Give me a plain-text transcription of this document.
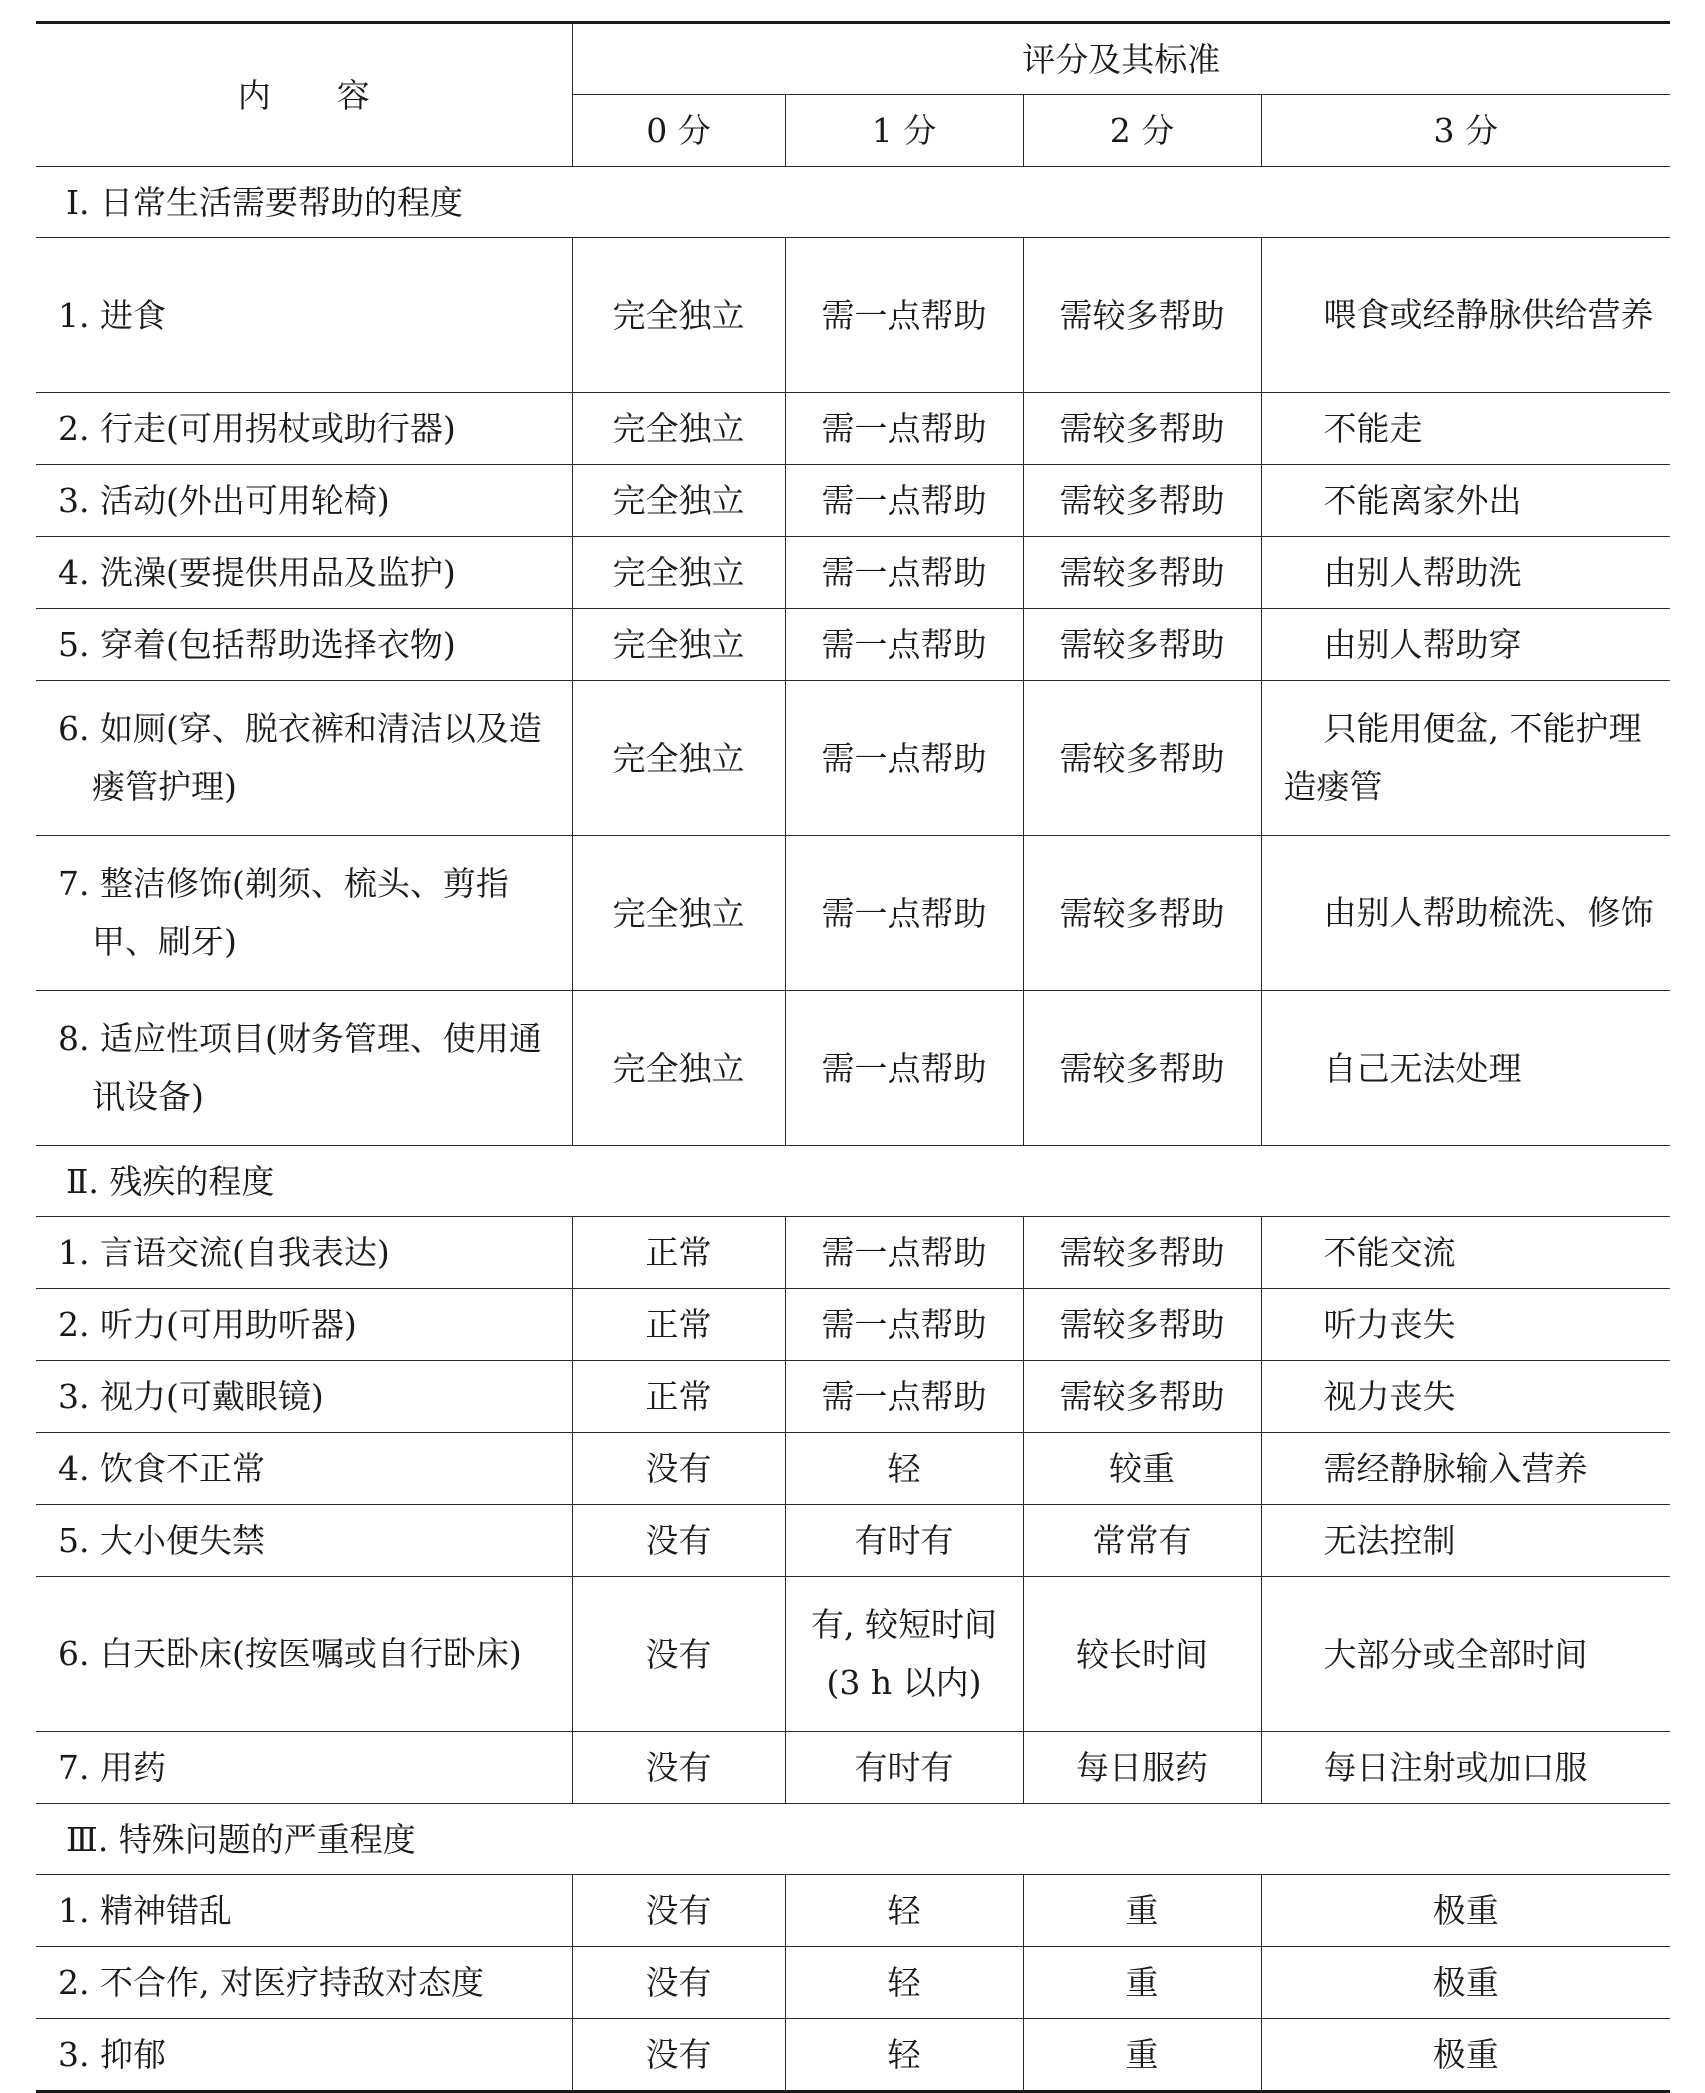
内　　容	评分及其标准			
	0 分	1 分	2 分	3 分
Ⅰ. 日常生活需要帮助的程度				
1. 进食	完全独立	需一点帮助	需较多帮助	喂食或经静脉供给营养

2. 行走(可用拐杖或助行器)	完全独立	需一点帮助	需较多帮助	不能走
3. 活动(外出可用轮椅)	完全独立	需一点帮助	需较多帮助	不能离家外出
4. 洗澡(要提供用品及监护)	完全独立	需一点帮助	需较多帮助	由别人帮助洗
5. 穿着(包括帮助选择衣物)	完全独立	需一点帮助	需较多帮助	由别人帮助穿

6. 如厕(穿、脱衣裤和清洁以及造瘘管护理)	完全独立	需一点帮助	需较多帮助	只能用便盆, 不能护理造瘘管

7. 整洁修饰(剃须、梳头、剪指甲、刷牙)	完全独立	需一点帮助	需较多帮助	由别人帮助梳洗、修饰

8. 适应性项目(财务管理、使用通讯设备)	完全独立	需一点帮助	需较多帮助	自己无法处理
Ⅱ. 残疾的程度				
1. 言语交流(自我表达)	正常	需一点帮助	需较多帮助	不能交流
2. 听力(可用助听器)	正常	需一点帮助	需较多帮助	听力丧失
3. 视力(可戴眼镜)	正常	需一点帮助	需较多帮助	视力丧失
4. 饮食不正常	没有	轻	较重	需经静脉输入营养
5. 大小便失禁	没有	有时有	常常有	无法控制

6. 白天卧床(按医嘱或自行卧床)	没有	有, 较短时间(3 h 以内)	较长时间	大部分或全部时间
7. 用药	没有	有时有	每日服药	每日注射或加口服
Ⅲ. 特殊问题的严重程度				
1. 精神错乱	没有	轻	重	极重
2. 不合作, 对医疗持敌对态度	没有	轻	重	极重
3. 抑郁	没有	轻	重	极重
